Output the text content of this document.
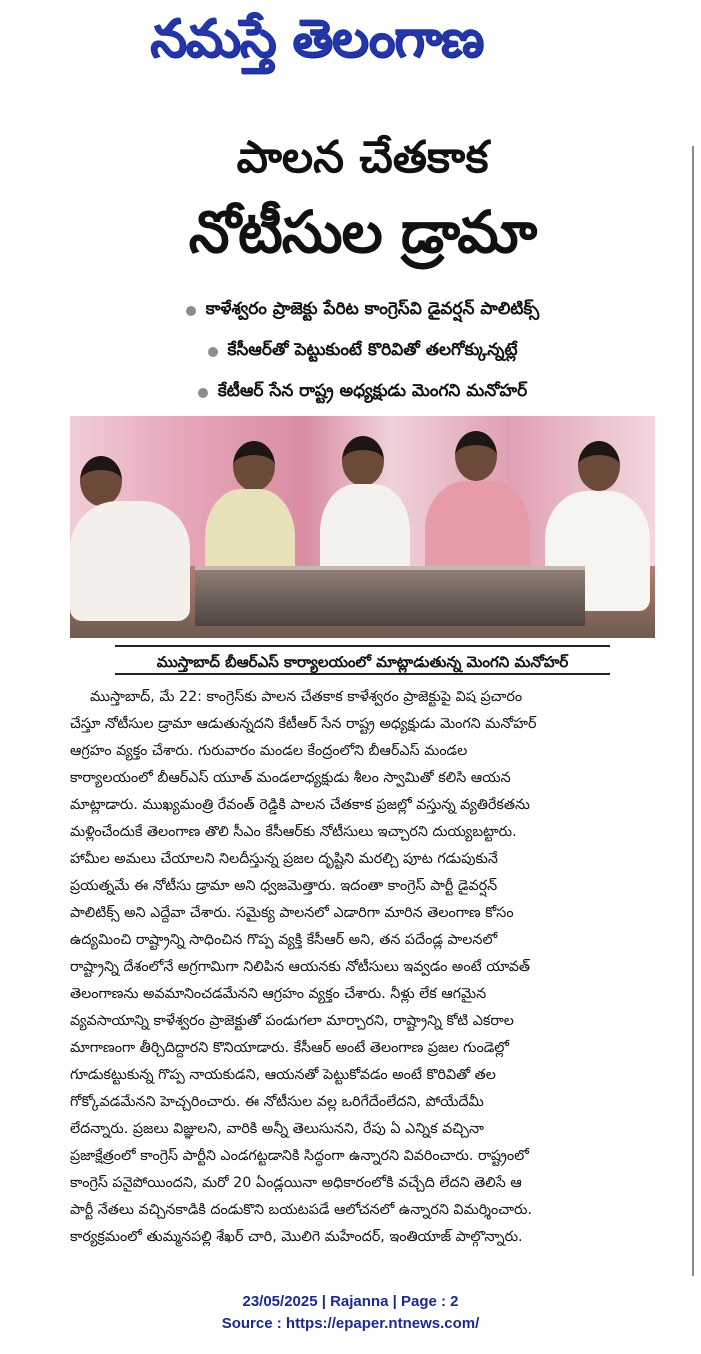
నమస్తే తెలంగాణ
పాలన చేతకాక
నోటీసుల డ్రామా
కాళేశ్వరం ప్రాజెక్టు పేరిట కాంగ్రెస్‌వి డైవర్షన్ పాలిటిక్స్
కేసీఆర్‌తో పెట్టుకుంటే కొరివితో తలగోక్కున్నట్లే
కేటీఆర్ సేన రాష్ట్ర అధ్యక్షుడు మెంగని మనోహర్
ముస్తాబాద్ బీఆర్‌ఎస్ కార్యాలయంలో మాట్లాడుతున్న మెంగని మనోహర్
ముస్తాబాద్, మే 22: కాంగ్రెస్‌కు పాలన చేతకాక కాళేశ్వరం ప్రాజెక్టుపై విష ప్రచారం
చేస్తూ నోటీసుల డ్రామా ఆడుతున్నదని కేటీఆర్ సేన రాష్ట్ర అధ్యక్షుడు మెంగని మనోహర్
ఆగ్రహం వ్యక్తం చేశారు. గురువారం మండల కేంద్రంలోని బీఆర్‌ఎస్ మండల
కార్యాలయంలో బీఆర్‌ఎస్ యూత్ మండలాధ్యక్షుడు శీలం స్వామితో కలిసి ఆయన
మాట్లాడారు. ముఖ్యమంత్రి రేవంత్ రెడ్డికి పాలన చేతకాక ప్రజల్లో వస్తున్న వ్యతిరేకతను
మళ్లించేందుకే తెలంగాణ తొలి సీఎం కేసీఆర్‌కు నోటీసులు ఇచ్చారని దుయ్యబట్టారు.
హామీల అమలు చేయాలని నిలదీస్తున్న ప్రజల దృష్టిని మరల్చి పూట గడుపుకునే
ప్రయత్నమే ఈ నోటీసు డ్రామా అని ధ్వజమెత్తారు. ఇదంతా కాంగ్రెస్ పార్టీ డైవర్షన్
పాలిటిక్స్ అని ఎద్దేవా చేశారు. సమైక్య పాలనలో ఎడారిగా మారిన తెలంగాణ కోసం
ఉద్యమించి రాష్ట్రాన్ని సాధించిన గొప్ప వ్యక్తి కేసీఆర్ అని, తన పదేండ్ల పాలనలో
రాష్ట్రాన్ని దేశంలోనే అగ్రగామిగా నిలిపిన ఆయనకు నోటీసులు ఇవ్వడం అంటే యావత్
తెలంగాణను అవమానించడమేనని ఆగ్రహం వ్యక్తం చేశారు. నీళ్లు లేక ఆగమైన
వ్యవసాయాన్ని కాళేశ్వరం ప్రాజెక్టుతో పండుగలా మార్చారని, రాష్ట్రాన్ని కోటి ఎకరాల
మాగాణంగా తీర్చిదిద్దారని కొనియాడారు. కేసీఆర్ అంటే తెలంగాణ ప్రజల గుండెల్లో
గూడుకట్టుకున్న గొప్ప నాయకుడని, ఆయనతో పెట్టుకోవడం అంటే కొరివితో తల
గోక్కోవడమేనని హెచ్చరించారు. ఈ నోటీసుల వల్ల ఒరిగేదేంలేదని, పోయేదేమీ
లేదన్నారు. ప్రజలు విజ్ఞులని, వారికి అన్నీ తెలుసునని, రేపు ఏ ఎన్నిక వచ్చినా
ప్రజాక్షేత్రంలో కాంగ్రెస్ పార్టీని ఎండగట్టడానికి సిద్ధంగా ఉన్నారని వివరించారు. రాష్ట్రంలో
కాంగ్రెస్ పనైపోయిందని, మరో 20 ఏండ్లయినా అధికారంలోకి వచ్చేది లేదని తెలిసే ఆ
పార్టీ నేతలు వచ్చినకాడికి దండుకొని బయటపడే ఆలోచనలో ఉన్నారని విమర్శించారు.
కార్యక్రమంలో తుమ్మనపల్లి శేఖర్ చారి, మొలిగె మహేందర్, ఇంతియాజ్ పాల్గొన్నారు.
23/05/2025 | Rajanna | Page : 2
Source : https://epaper.ntnews.com/
